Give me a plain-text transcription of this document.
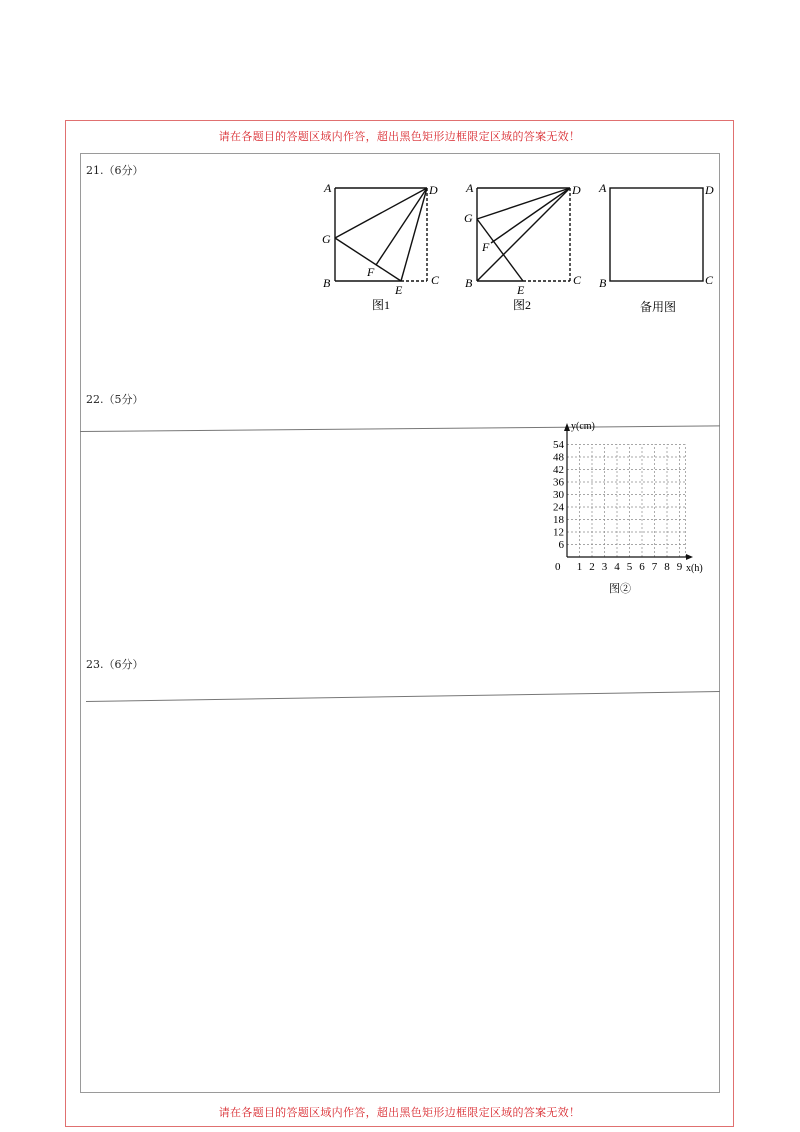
请在各题目的答题区域内作答，超出黑色矩形边框限定区域的答案无效！
21.（6分）
A	D
G
B
F
E
C
图1
A	D
G
F
B	E
C
图2
A	D
B	C
备用图
22.（5分）
y(cm)
x(h)
0
6
12
18
24
30
36
42
48
54
1 2 3 4 5 6 7 8 9
图②
23.（6分）
请在各题目的答题区域内作答，超出黑色矩形边框限定区域的答案无效！
